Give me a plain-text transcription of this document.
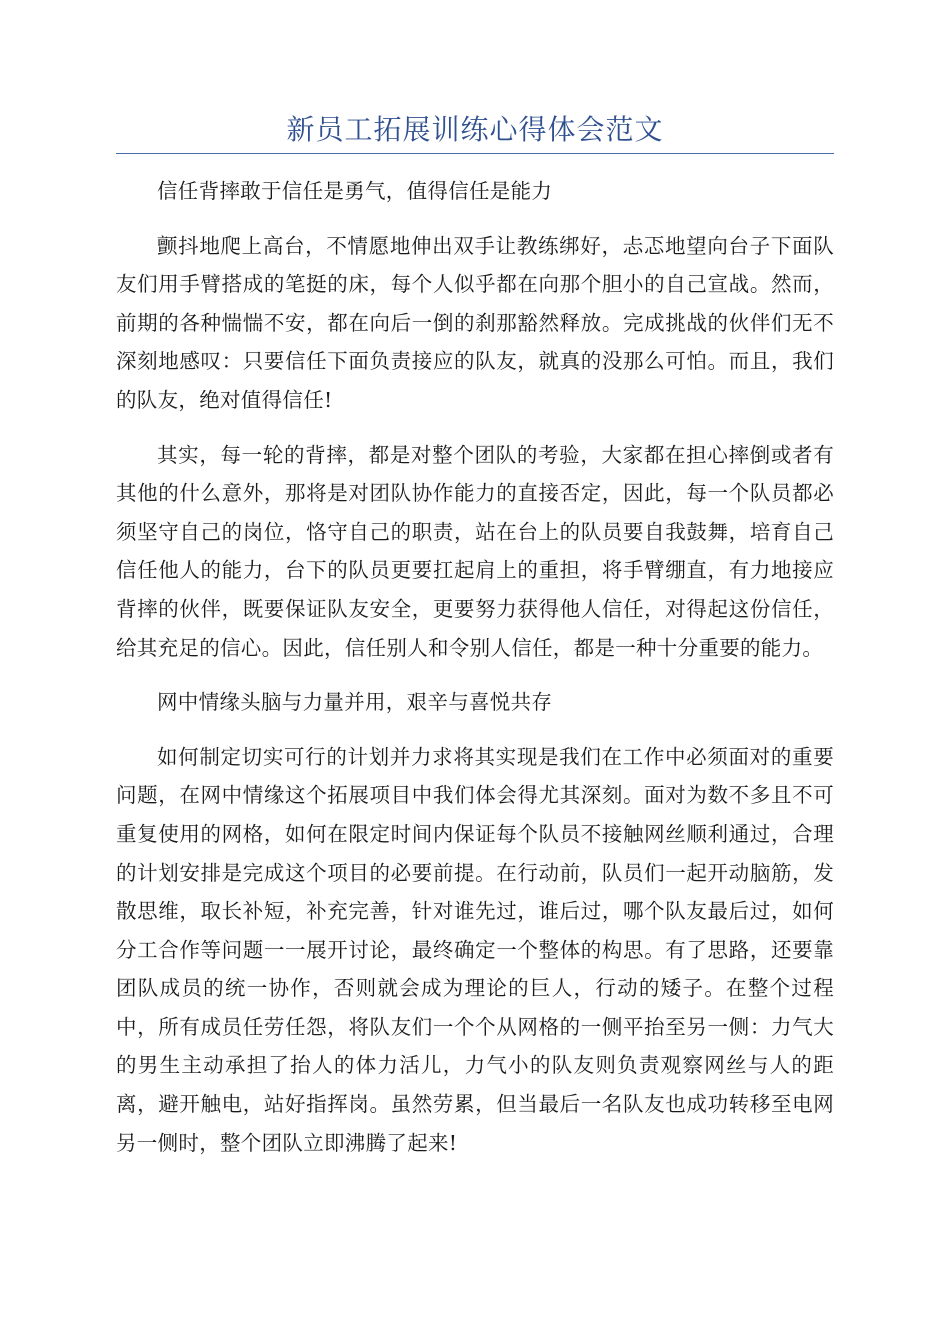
新员工拓展训练心得体会范文

信任背摔敢于信任是勇气，值得信任是能力

颤抖地爬上高台，不情愿地伸出双手让教练绑好，忐忑地望向台子下面队友们用手臂搭成的笔挺的床，每个人似乎都在向那个胆小的自己宣战。然而，前期的各种惴惴不安，都在向后一倒的刹那豁然释放。完成挑战的伙伴们无不深刻地感叹：只要信任下面负责接应的队友，就真的没那么可怕。而且，我们的队友，绝对值得信任!

其实，每一轮的背摔，都是对整个团队的考验，大家都在担心摔倒或者有其他的什么意外，那将是对团队协作能力的直接否定，因此，每一个队员都必须坚守自己的岗位，恪守自己的职责，站在台上的队员要自我鼓舞，培育自己信任他人的能力，台下的队员更要扛起肩上的重担，将手臂绷直，有力地接应背摔的伙伴，既要保证队友安全，更要努力获得他人信任，对得起这份信任，给其充足的信心。因此，信任别人和令别人信任，都是一种十分重要的能力。

网中情缘头脑与力量并用，艰辛与喜悦共存

如何制定切实可行的计划并力求将其实现是我们在工作中必须面对的重要问题，在网中情缘这个拓展项目中我们体会得尤其深刻。面对为数不多且不可重复使用的网格，如何在限定时间内保证每个队员不接触网丝顺利通过，合理的计划安排是完成这个项目的必要前提。在行动前，队员们一起开动脑筋，发散思维，取长补短，补充完善，针对谁先过，谁后过，哪个队友最后过，如何分工合作等问题一一展开讨论，最终确定一个整体的构思。有了思路，还要靠团队成员的统一协作，否则就会成为理论的巨人，行动的矮子。在整个过程中，所有成员任劳任怨，将队友们一个个从网格的一侧平抬至另一侧：力气大的男生主动承担了抬人的体力活儿，力气小的队友则负责观察网丝与人的距离，避开触电，站好指挥岗。虽然劳累，但当最后一名队友也成功转移至电网另一侧时，整个团队立即沸腾了起来!
